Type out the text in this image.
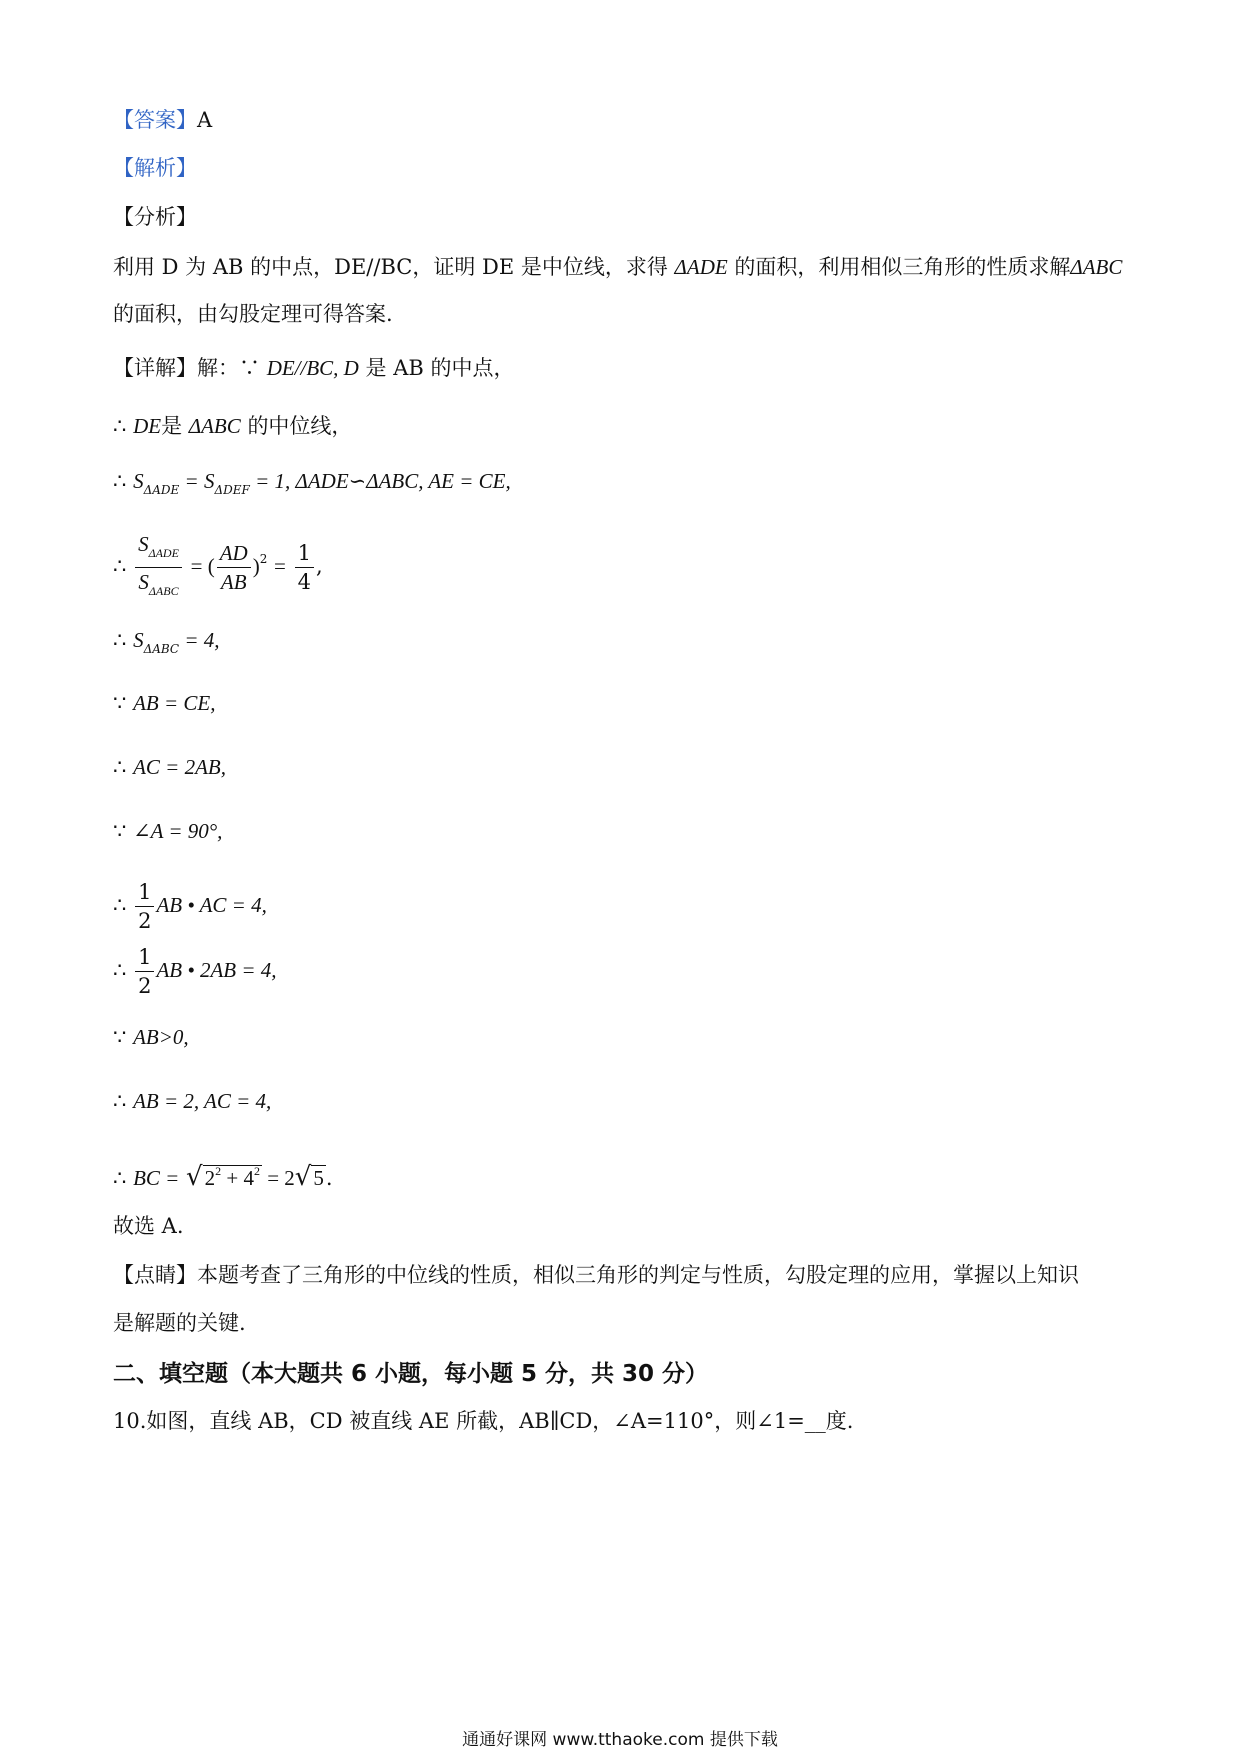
【答案】A
【解析】
【分析】
利用 D 为 AB 的中点，DE//BC，证明 DE 是中位线，求得 ΔADE 的面积，利用相似三角形的性质求解ΔABC
的面积，由勾股定理可得答案.
【详解】解：∵ DE//BC, D 是 AB 的中点，
∴ DE是 ΔABC 的中位线，
∴ $S_{\Delta ADE} = S_{\Delta DEF} = 1$, ΔADE∽ΔABC, AE = CE,
∴ $\frac{S_{\Delta ADE}}{S_{\Delta ABC}}$ = ( $\frac{AD}{AB} )^2 = \frac{1}{4}$ ,
∴ $S_{\Delta ABC} = 4$,
∵ AB = CE,
∴ AC = 2AB,
∵ ∠A = 90°,
∴ $\frac{1}{2}$ AB • AC = 4,
∴ $\frac{1}{2}$ AB • 2AB = 4,
∵ AB>0,
∴ AB = 2, AC = 4,
∴ BC = $√2^2 + 4^2 = 2√5$.
故选 A.
【点睛】本题考查了三角形的中位线的性质，相似三角形的判定与性质，勾股定理的应用，掌握以上知识
是解题的关键.
二、填空题（本大题共 6 小题，每小题 5 分，共 30 分）
10.如图，直线 AB，CD 被直线 AE 所截，AB∥CD，∠A=110°，则∠1=__度.
通通好课网 www.tthaoke.com 提供下载
